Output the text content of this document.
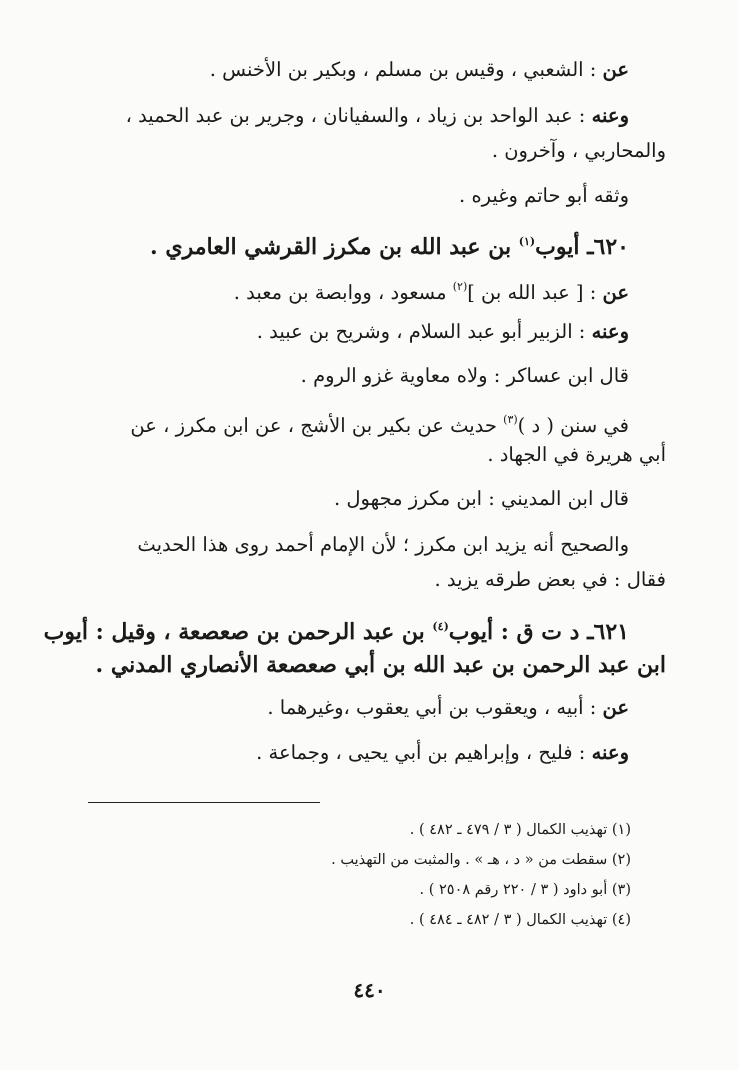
عن : الشعبي ، وقيس بن مسلم ، وبكير بن الأخنس .
وعنه : عبد الواحد بن زياد ، والسفيانان ، وجرير بن عبد الحميد ،
والمحاربي ، وآخرون .
وثقه أبو حاتم وغيره .
٦٢٠ـ أيوب$^{(١)}$ بن عبد الله بن مكرز القرشي العامري .
عن : [ عبد الله بن ]$^{(٢)}$ مسعود ، ووابصة بن معبد .
وعنه : الزبير أبو عبد السلام ، وشريح بن عبيد .
قال ابن عساكر : ولاه معاوية غزو الروم .
في سنن ( د )$^{(٣)}$ حديث عن بكير بن الأشج ، عن ابن مكرز ، عن
أبي هريرة في الجهاد .
قال ابن المديني : ابن مكرز مجهول .
والصحيح أنه يزيد ابن مكرز ؛ لأن الإمام أحمد روى هذا الحديث
فقال : في بعض طرقه يزيد .
٦٢١ـ د ت ق : أيوب$^{(٤)}$ بن عبد الرحمن بن صعصعة ، وقيل : أيوب
ابن عبد الرحمن بن عبد الله بن أبي صعصعة الأنصاري المدني .
عن : أبيه ، ويعقوب بن أبي يعقوب ،وغيرهما .
وعنه : فليح ، وإبراهيم بن أبي يحيى ، وجماعة .
(١) تهذيب الكمال ( ٣ / ٤٧٩ ـ ٤٨٢ ) .
(٢) سقطت من « د ، هـ » . والمثبت من التهذيب .
(٣) أبو داود ( ٣ / ٢٢٠ رقم ٢٥٠٨ ) .
(٤) تهذيب الكمال ( ٣ / ٤٨٢ ـ ٤٨٤ ) .
٤٤٠
